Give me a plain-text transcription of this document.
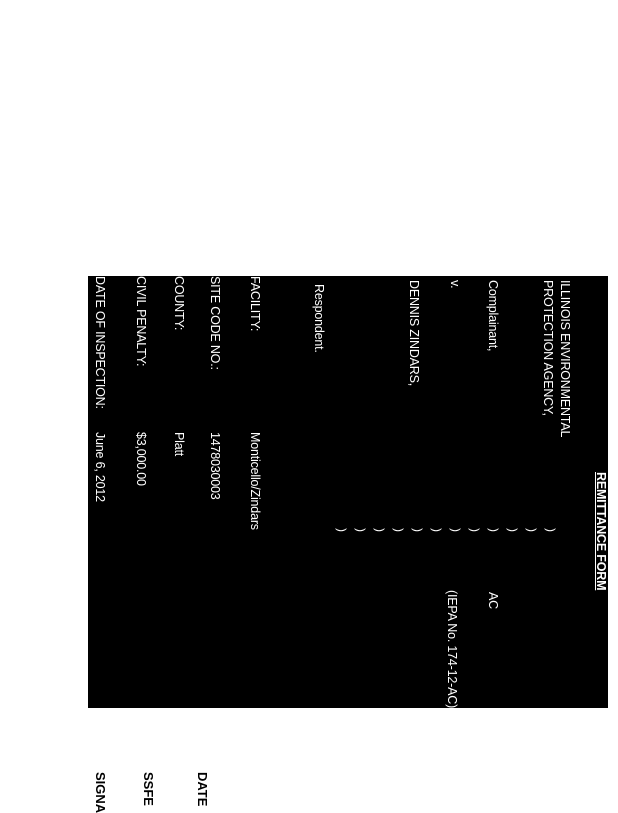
REMITTANCE FORM
ILLINOIS ENVIRONMENTAL
PROTECTION AGENCY,
Complainant,
v.
DENNIS ZINDARS,
Respondent.
)
)
)
)
)
)
)
)
)
)
)
)
AC
(IEPA No. 174-12-AC)
FACILITY:
SITE CODE NO.:
COUNTY:
CIVIL PENALTY:
DATE OF INSPECTION:
Monticello/Zindars
1478030003
Platt
$3,000.00
June 6, 2012
DATE
SSFE
SIGNA
